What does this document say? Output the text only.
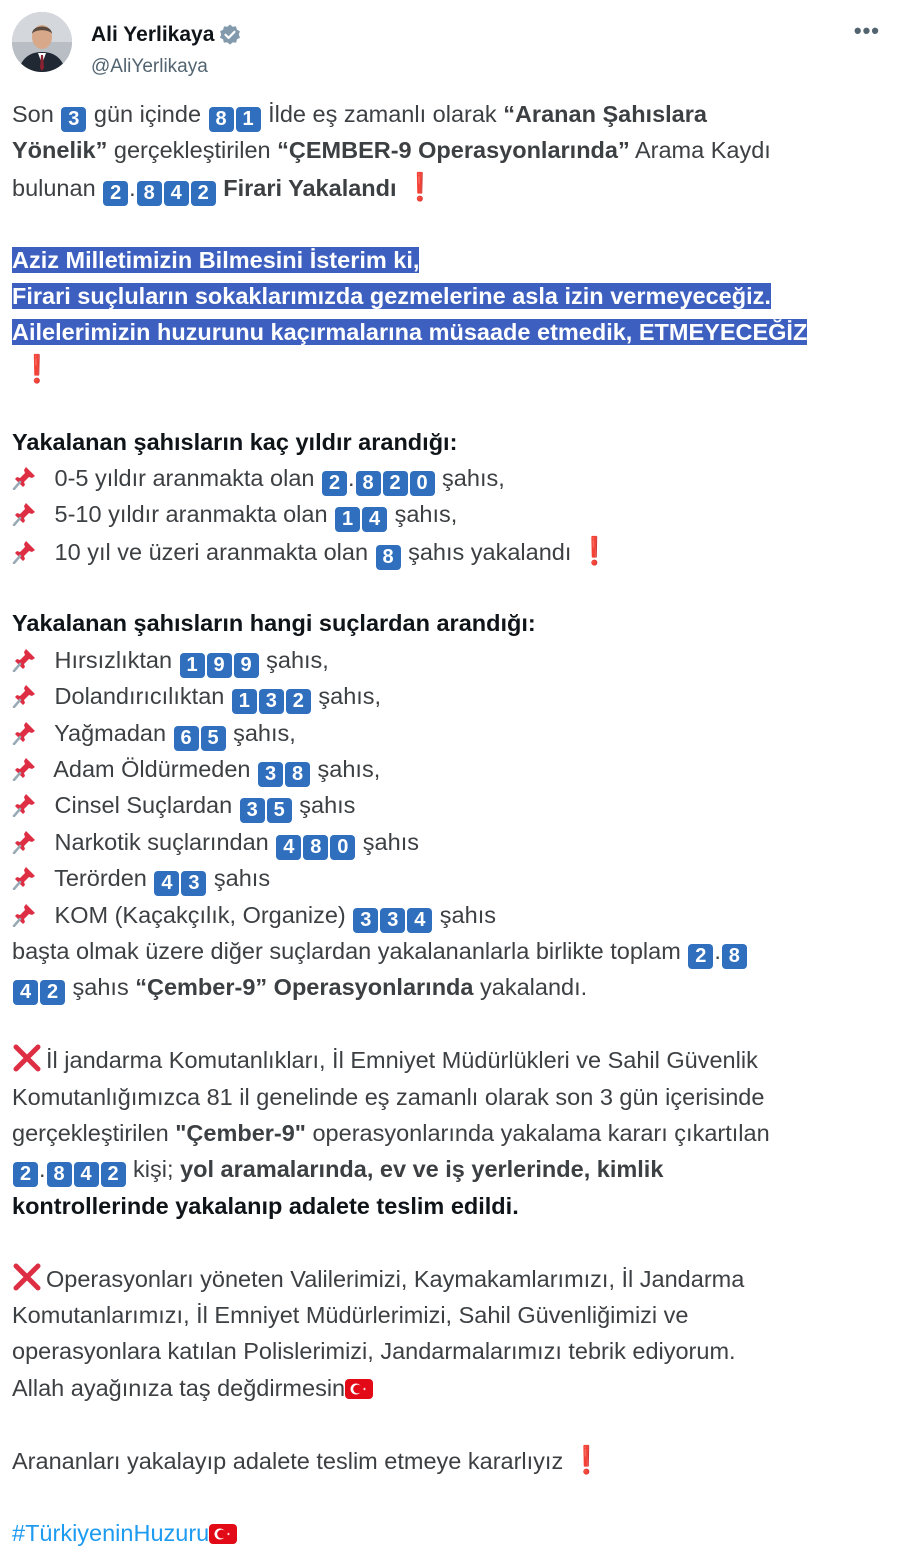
Ali Yerlikaya
@AliYerlikaya
•••
Son 3 gün içinde 8 1 İlde eş zamanlı olarak “Aranan Şahıslara
Yönelik” gerçekleştirilen “ÇEMBER-9 Operasyonlarında” Arama Kaydı
bulunan 2 . 8 4 2 Firari Yakalandı ❗
Aziz Milletimizin Bilmesini İsterim ki,
Firari suçluların sokaklarımızda gezmelerine asla izin vermeyeceğiz.
Ailelerimizin huzurunu kaçırmalarına müsaade etmedik, ETMEYECEĞİZ
❗
Yakalanan şahısların kaç yıldır arandığı:
0-5 yıldır aranmakta olan 2 . 8 2 0 şahıs,
5-10 yıldır aranmakta olan 1 4 şahıs,
10 yıl ve üzeri aranmakta olan 8 şahıs yakalandı ❗
Yakalanan şahısların hangi suçlardan arandığı:
Hırsızlıktan 1 9 9 şahıs,
Dolandırıcılıktan 1 3 2 şahıs,
Yağmadan 6 5 şahıs,
Adam Öldürmeden 3 8 şahıs,
Cinsel Suçlardan 3 5 şahıs
Narkotik suçlarından 4 8 0 şahıs
Terörden 4 3 şahıs
KOM (Kaçakçılık, Organize) 3 3 4 şahıs
başta olmak üzere diğer suçlardan yakalananlarla birlikte toplam 2 . 8
4 2 şahıs “Çember-9” Operasyonlarında yakalandı.
İl jandarma Komutanlıkları, İl Emniyet Müdürlükleri ve Sahil Güvenlik
Komutanlığımızca 81 il genelinde eş zamanlı olarak son 3 gün içerisinde
gerçekleştirilen "Çember-9" operasyonlarında yakalama kararı çıkartılan
2 . 8 4 2 kişi; yol aramalarında, ev ve iş yerlerinde, kimlik
kontrollerinde yakalanıp adalete teslim edildi.
Operasyonları yöneten Valilerimizi, Kaymakamlarımızı, İl Jandarma
Komutanlarımızı, İl Emniyet Müdürlerimizi, Sahil Güvenliğimizi ve
operasyonlara katılan Polislerimizi, Jandarmalarımızı tebrik ediyorum.
Allah ayağınıza taş değdirmesin
Arananları yakalayıp adalete teslim etmeye kararlıyız ❗
#TürkiyeninHuzuru
